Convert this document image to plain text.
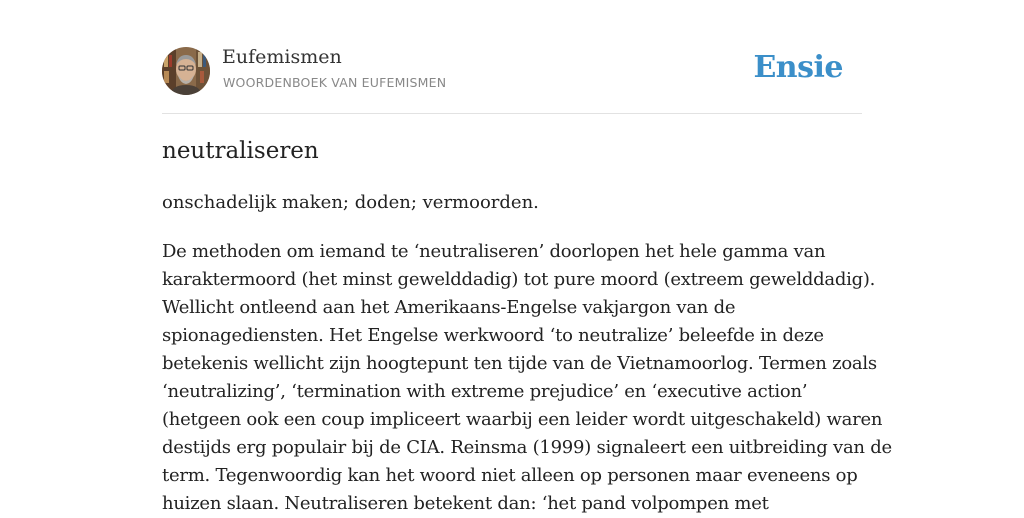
Eufemismen
WOORDENBOEK VAN EUFEMISMEN	Ensie
neutraliseren

onschadelijk maken; doden; vermoorden.

De methoden om iemand te ‘neutraliseren’ doorlopen het hele gamma van
karaktermoord (het minst gewelddadig) tot pure moord (extreem gewelddadig).
Wellicht ontleend aan het Amerikaans-Engelse vakjargon van de
spionagediensten. Het Engelse werkwoord ‘to neutralize’ beleefde in deze
betekenis wellicht zijn hoogtepunt ten tijde van de Vietnamoorlog. Termen zoals
‘neutralizing’, ‘termination with extreme prejudice’ en ‘executive action’
(hetgeen ook een coup impliceert waarbij een leider wordt uitgeschakeld) waren
destijds erg populair bij de CIA. Reinsma (1999) signaleert een uitbreiding van de
term. Tegenwoordig kan het woord niet alleen op personen maar eveneens op
huizen slaan. Neutraliseren betekent dan: ‘het pand volpompen met
